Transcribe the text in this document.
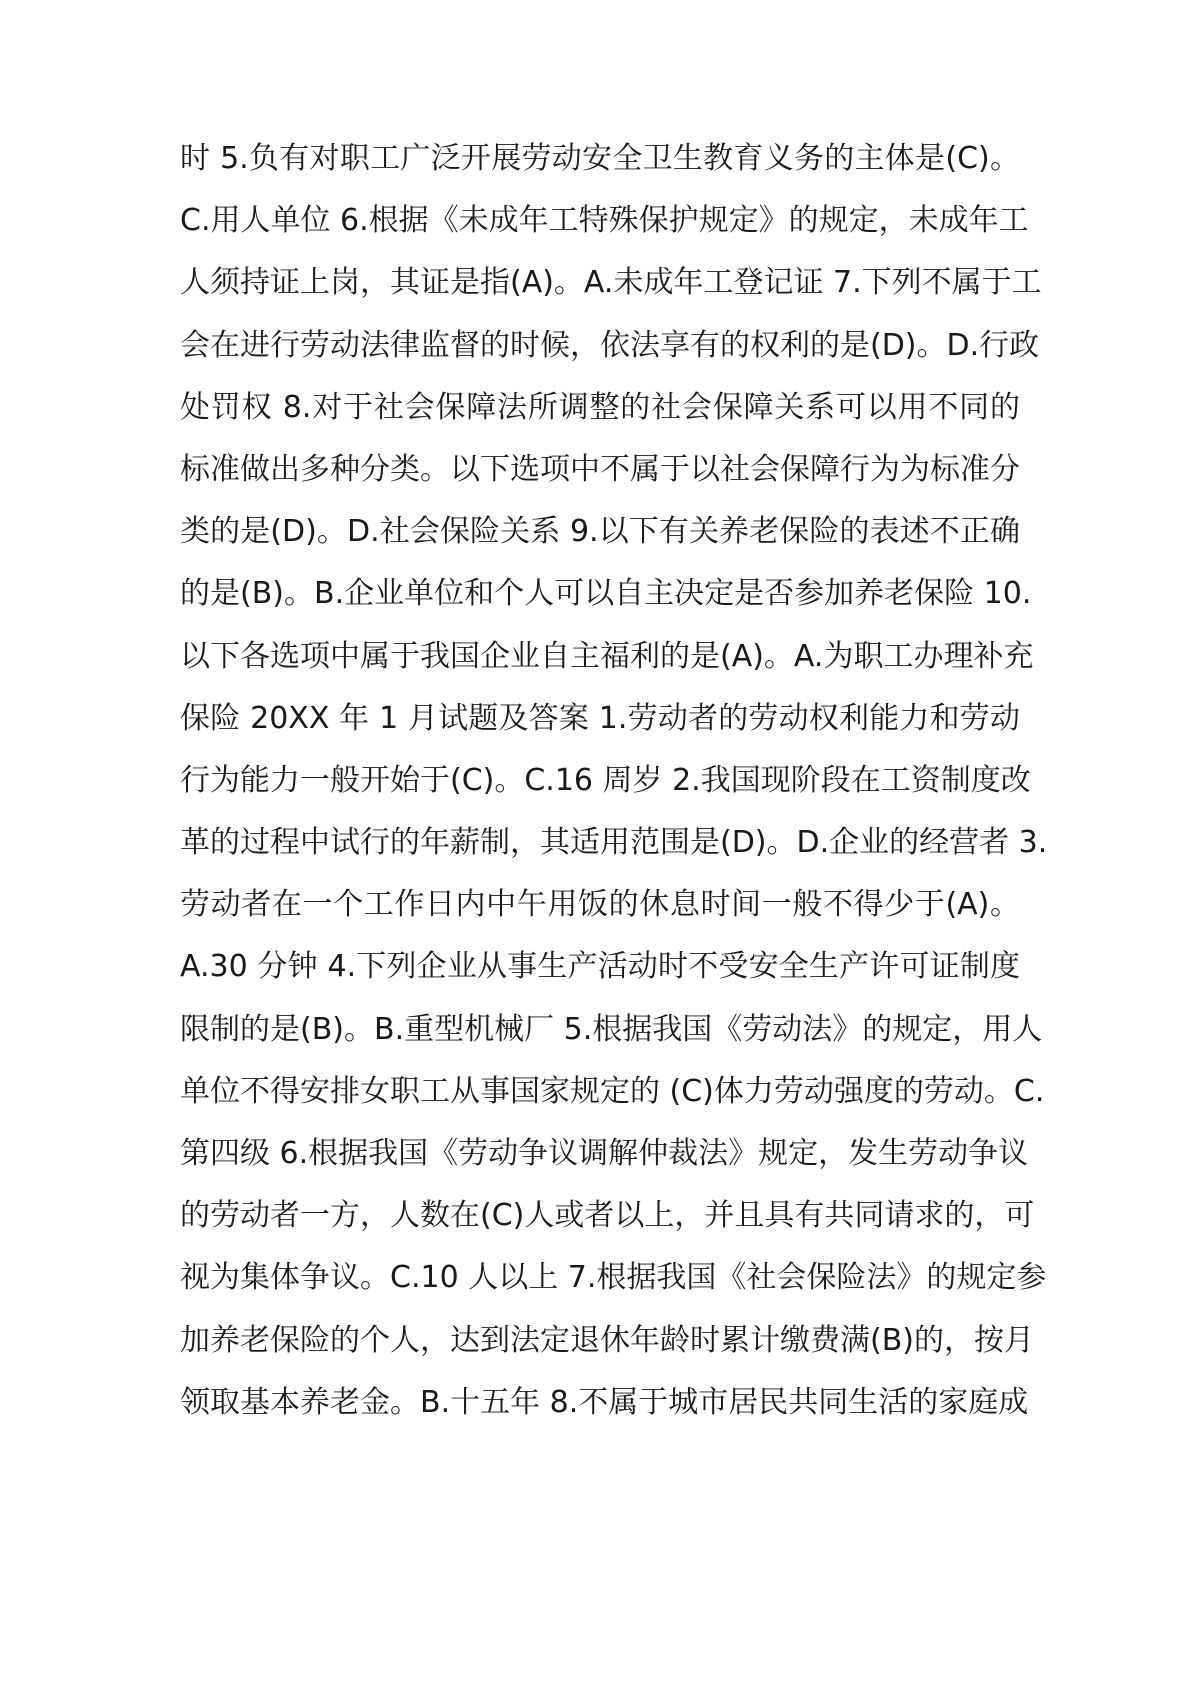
时 5.负有对职工广泛开展劳动安全卫生教育义务的主体是(C)。
C.用人单位 6.根据《未成年工特殊保护规定》的规定，未成年工
人须持证上岗，其证是指(A)。A.未成年工登记证 7.下列不属于工
会在进行劳动法律监督的时候，依法享有的权利的是(D)。D.行政
处罚权 8.对于社会保障法所调整的社会保障关系可以用不同的
标准做出多种分类。以下选项中不属于以社会保障行为为标准分
类的是(D)。D.社会保险关系 9.以下有关养老保险的表述不正确
的是(B)。B.企业单位和个人可以自主决定是否参加养老保险 10.
以下各选项中属于我国企业自主福利的是(A)。A.为职工办理补充
保险 20XX 年 1 月试题及答案 1.劳动者的劳动权利能力和劳动
行为能力一般开始于(C)。C.16 周岁 2.我国现阶段在工资制度改
革的过程中试行的年薪制，其适用范围是(D)。D.企业的经营者 3.
劳动者在一个工作日内中午用饭的休息时间一般不得少于(A)。
A.30 分钟 4.下列企业从事生产活动时不受安全生产许可证制度
限制的是(B)。B.重型机械厂 5.根据我国《劳动法》的规定，用人
单位不得安排女职工从事国家规定的 (C)体力劳动强度的劳动。C.
第四级 6.根据我国《劳动争议调解仲裁法》规定，发生劳动争议
的劳动者一方，人数在(C)人或者以上，并且具有共同请求的，可
视为集体争议。C.10 人以上 7.根据我国《社会保险法》的规定参
加养老保险的个人，达到法定退休年龄时累计缴费满(B)的，按月
领取基本养老金。B.十五年 8.不属于城市居民共同生活的家庭成
